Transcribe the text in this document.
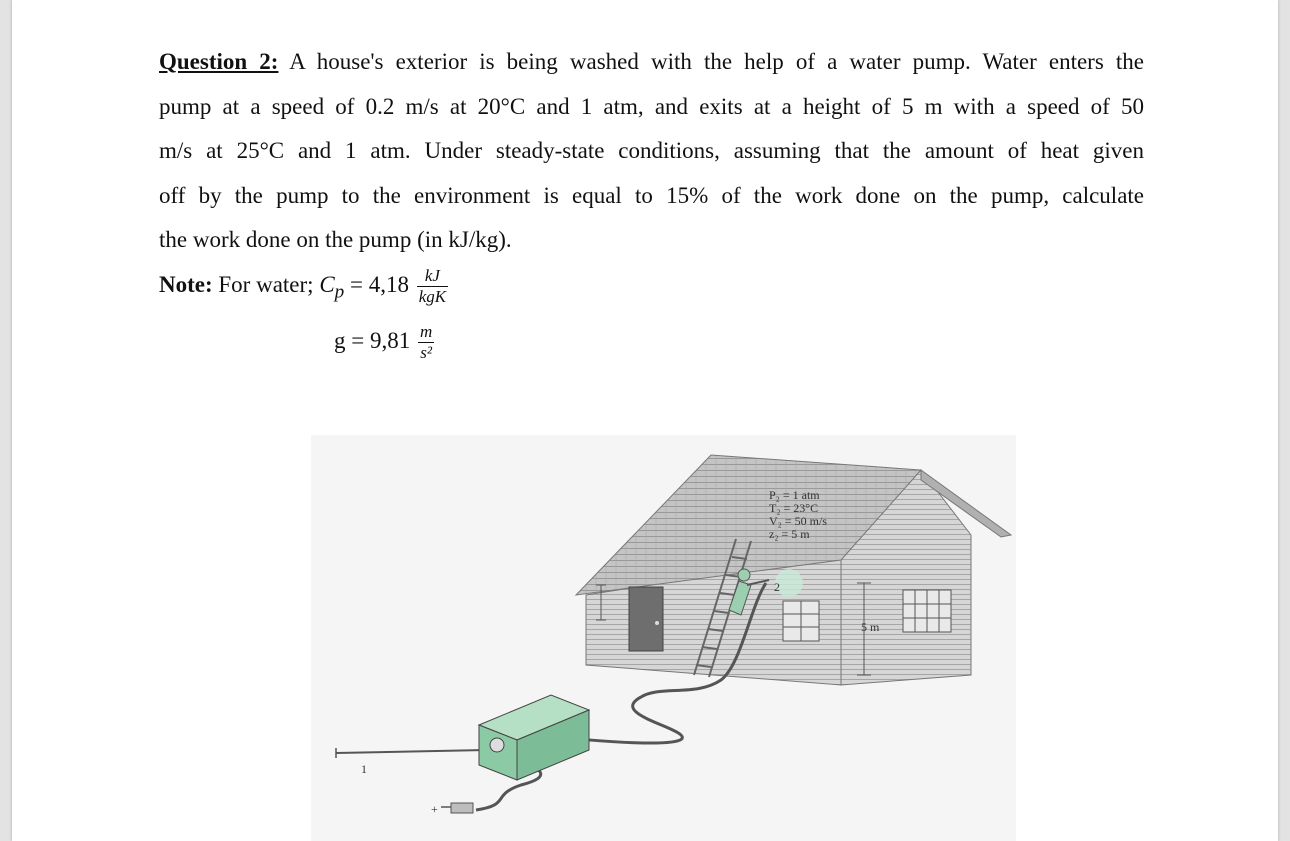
Question 2: A house's exterior is being washed with the help of a water pump. Water enters the
pump at a speed of 0.2 m/s at 20°C and 1 atm, and exits at a height of 5 m with a speed of 50
m/s at 25°C and 1 atm. Under steady-state conditions, assuming that the amount of heat given
off by the pump to the environment is equal to 15% of the work done on the pump, calculate
the work done on the pump (in kJ/kg).
Note: For water; $C_p = 4,18 \frac{kJ}{\text{kgK}}$
$g = 9,81 \frac{m}{\text{s²}}$
+
P₂ = 1 atm
T₂ = 23°C
V₂ = 50 m/s
z₂ = 5 m
5 m
2
1
